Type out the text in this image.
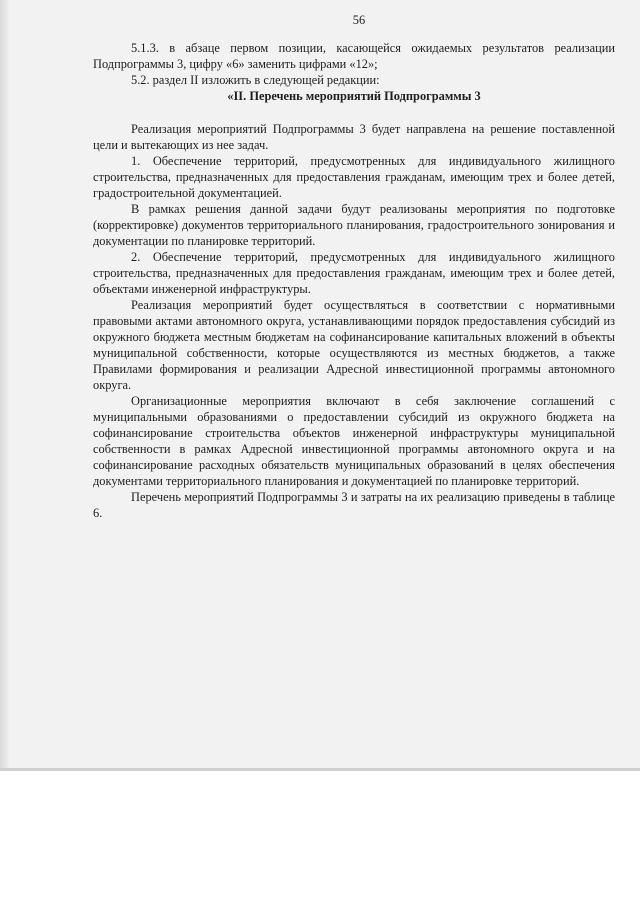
56

5.1.3. в абзаце первом позиции, касающейся ожидаемых результатов реализации Подпрограммы 3, цифру «6» заменить цифрами «12»;

5.2. раздел II изложить в следующей редакции:

«II. Перечень мероприятий Подпрограммы 3

Реализация мероприятий Подпрограммы 3 будет направлена на решение поставленной цели и вытекающих из нее задач.

1. Обеспечение территорий, предусмотренных для индивидуального жилищного строительства, предназначенных для предоставления гражданам, имеющим трех и более детей, градостроительной документацией.

В рамках решения данной задачи будут реализованы мероприятия по подготовке (корректировке) документов территориального планирования, градостроительного зонирования и документации по планировке территорий.

2. Обеспечение территорий, предусмотренных для индивидуального жилищного строительства, предназначенных для предоставления гражданам, имеющим трех и более детей, объектами инженерной инфраструктуры.

Реализация мероприятий будет осуществляться в соответствии с нормативными правовыми актами автономного округа, устанавливающими порядок предоставления субсидий из окружного бюджета местным бюджетам на софинансирование капитальных вложений в объекты муниципальной собственности, которые осуществляются из местных бюджетов, а также Правилами формирования и реализации Адресной инвестиционной программы автономного округа.

Организационные мероприятия включают в себя заключение соглашений с муниципальными образованиями о предоставлении субсидий из окружного бюджета на софинансирование строительства объектов инженерной инфраструктуры муниципальной собственности в рамках Адресной инвестиционной программы автономного округа и на софинансирование расходных обязательств муниципальных образований в целях обеспечения документами территориального планирования и документацией по планировке территорий.

Перечень мероприятий Подпрограммы 3 и затраты на их реализацию приведены в таблице 6.
